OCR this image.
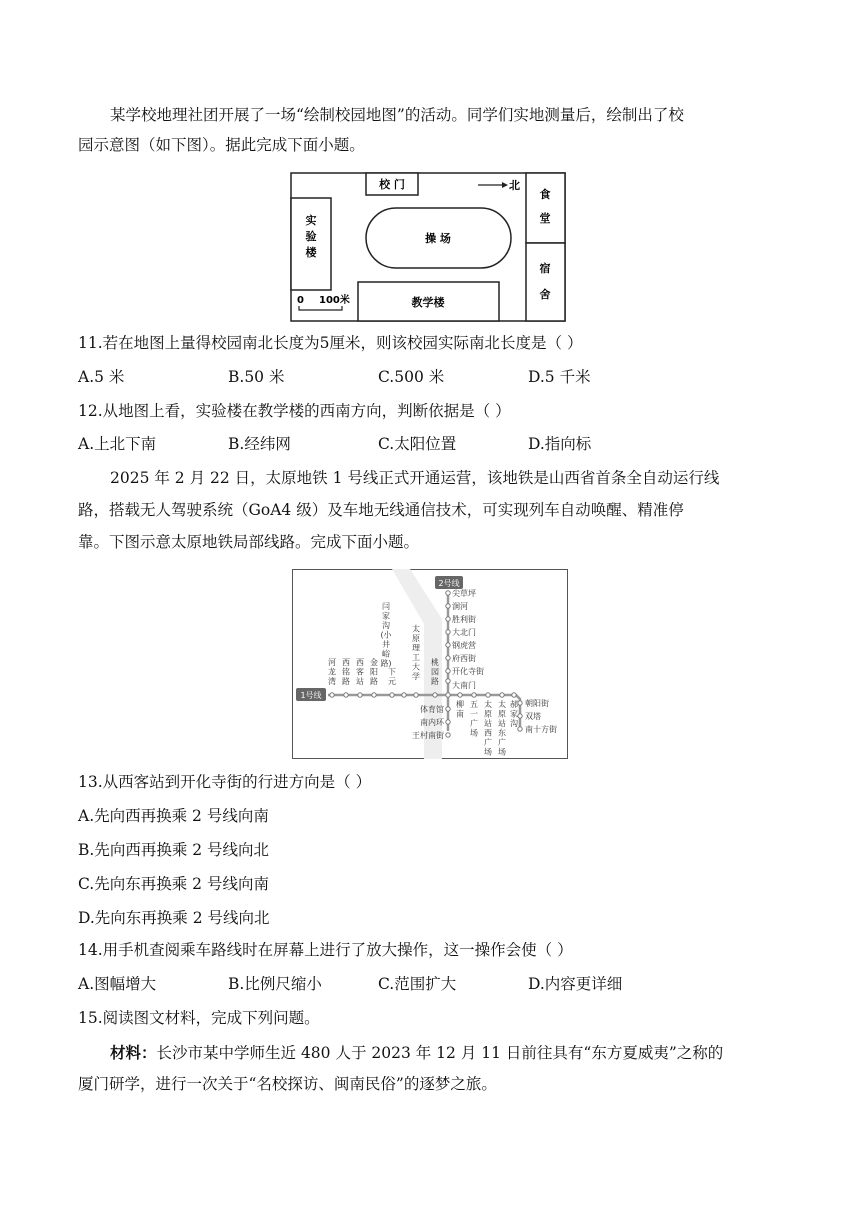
某学校地理社团开展了一场“绘制校园地图”的活动。同学们实地测量后，绘制出了校
园示意图（如下图）。据此完成下面小题。
校 门	北
实
验
楼
操 场
食
堂
宿
舍
教学楼
0 100米
11.若在地图上量得校园南北长度为5厘米，则该校园实际南北长度是（ ）
A.5 米	B.50 米	C.500 米	D.5 千米
12.从地图上看，实验楼在教学楼的西南方向，判断依据是（ ）
A.上北下南	B.经纬网	C.太阳位置	D.指向标
2025 年 2 月 22 日，太原地铁 1 号线正式开通运营，该地铁是山西省首条全自动运行线
路，搭载无人驾驶系统（GoA4 级）及车地无线通信技术，可实现列车自动唤醒、精准停
靠。下图示意太原地铁局部线路。完成下面小题。
1号线
2号线
尖草坪
涧河
胜利街
大北门
钢虎营
府西街
开化寺街
大南门
体育馆
南内环
王村南街
河
龙
湾
西
铭
路
西
客
站
金
阳
路
下
元
闫
家
沟
(小
井
峪
路)
太
原
理
工
大
学
桃
园
路
柳
南
五
一
广
场
太
原
站
西
广
场
太
原
站
东
广
场
郝
家
沟
朝阳街
双塔
南十方街
13.从西客站到开化寺街的行进方向是（ ）
A.先向西再换乘 2 号线向南
B.先向西再换乘 2 号线向北
C.先向东再换乘 2 号线向南
D.先向东再换乘 2 号线向北
14.用手机查阅乘车路线时在屏幕上进行了放大操作，这一操作会使（ ）
A.图幅增大	B.比例尺缩小	C.范围扩大	D.内容更详细
15.阅读图文材料，完成下列问题。
材料：长沙市某中学师生近 480 人于 2023 年 12 月 11 日前往具有“东方夏威夷”之称的
厦门研学，进行一次关于“名校探访、闽南民俗”的逐梦之旅。
